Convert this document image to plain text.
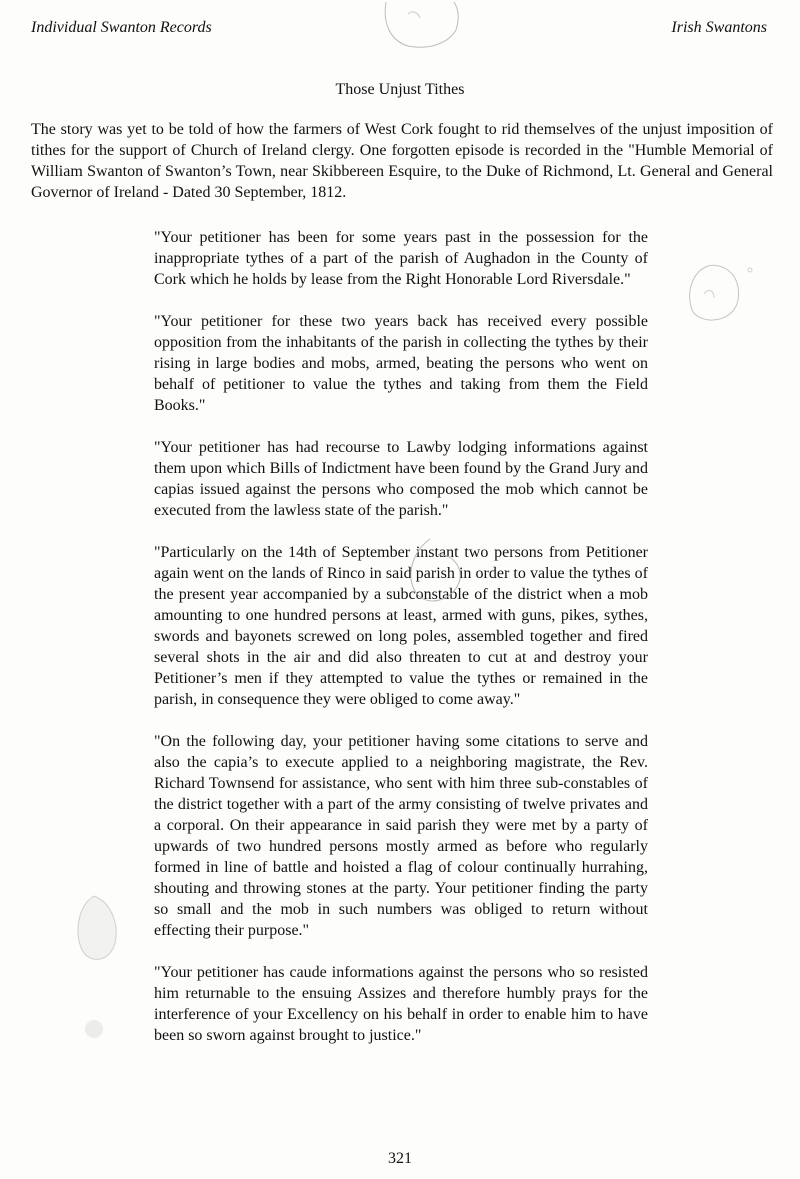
Individual Swanton Records	Irish Swantons
Those Unjust Tithes
The story was yet to be told of how the farmers of West Cork fought to rid themselves of the unjust imposition of tithes for the support of Church of Ireland clergy. One forgotten episode is recorded in the "Humble Memorial of William Swanton of Swanton’s Town, near Skibbereen Esquire, to the Duke of Richmond, Lt. General and General Governor of Ireland - Dated 30 September, 1812.

"Your petitioner has been for some years past in the possession for the inappropriate tythes of a part of the parish of Aughadon in the County of Cork which he holds by lease from the Right Honorable Lord Riversdale."

"Your petitioner for these two years back has received every possible opposition from the inhabitants of the parish in collecting the tythes by their rising in large bodies and mobs, armed, beating the persons who went on behalf of petitioner to value the tythes and taking from them the Field Books."

"Your petitioner has had recourse to Lawby lodging informations against them upon which Bills of Indictment have been found by the Grand Jury and capias issued against the persons who composed the mob which cannot be executed from the lawless state of the parish."

"Particularly on the 14th of September instant two persons from Petitioner again went on the lands of Rinco in said parish in order to value the tythes of the present year accompanied by a subconstable of the district when a mob amounting to one hundred persons at least, armed with guns, pikes, sythes, swords and bayonets screwed on long poles, assembled together and fired several shots in the air and did also threaten to cut at and destroy your Petitioner’s men if they attempted to value the tythes or remained in the parish, in consequence they were obliged to come away."

"On the following day, your petitioner having some citations to serve and also the capia’s to execute applied to a neighboring magistrate, the Rev. Richard Townsend for assistance, who sent with him three sub-constables of the district together with a part of the army consisting of twelve privates and a corporal. On their appearance in said parish they were met by a party of upwards of two hundred persons mostly armed as before who regularly formed in line of battle and hoisted a flag of colour continually hurrahing, shouting and throwing stones at the party. Your petitioner finding the party so small and the mob in such numbers was obliged to return without effecting their purpose."

"Your petitioner has caude informations against the persons who so resisted him returnable to the ensuing Assizes and therefore humbly prays for the interference of your Excellency on his behalf in order to enable him to have been so sworn against brought to justice."

321
